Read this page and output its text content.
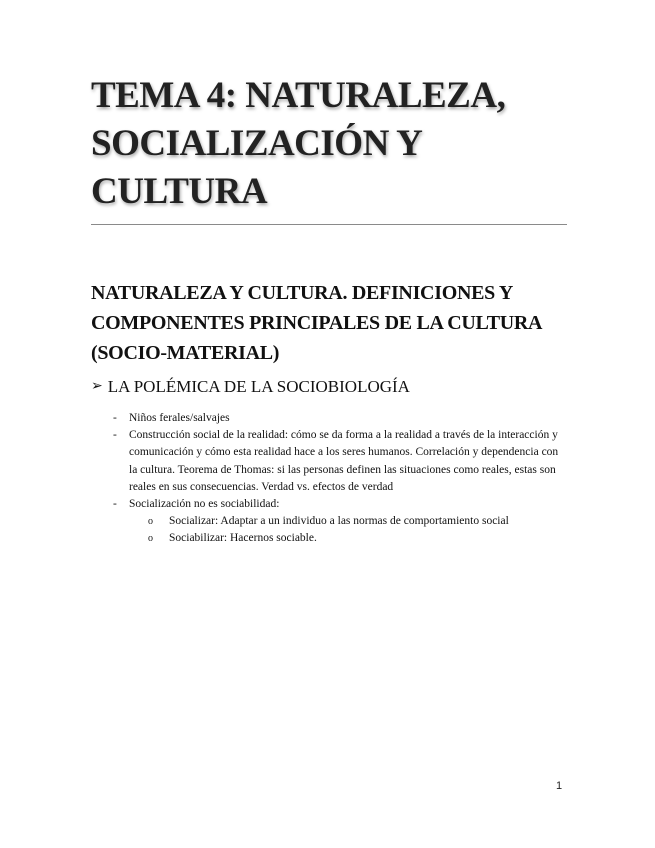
TEMA 4: NATURALEZA, SOCIALIZACIÓN Y CULTURA
NATURALEZA Y CULTURA. DEFINICIONES Y COMPONENTES PRINCIPALES DE LA CULTURA (SOCIO-MATERIAL)
➢ LA POLÉMICA DE LA SOCIOBIOLOGÍA
- Niños ferales/salvajes
- Construcción social de la realidad: cómo se da forma a la realidad a través de la interacción y comunicación y cómo esta realidad hace a los seres humanos. Correlación y dependencia con la cultura. Teorema de Thomas: si las personas definen las situaciones como reales, estas son reales en sus consecuencias. Verdad vs. efectos de verdad
- Socialización no es sociabilidad:
o Socializar: Adaptar a un individuo a las normas de comportamiento social
o Sociabilizar: Hacernos sociable.
1
